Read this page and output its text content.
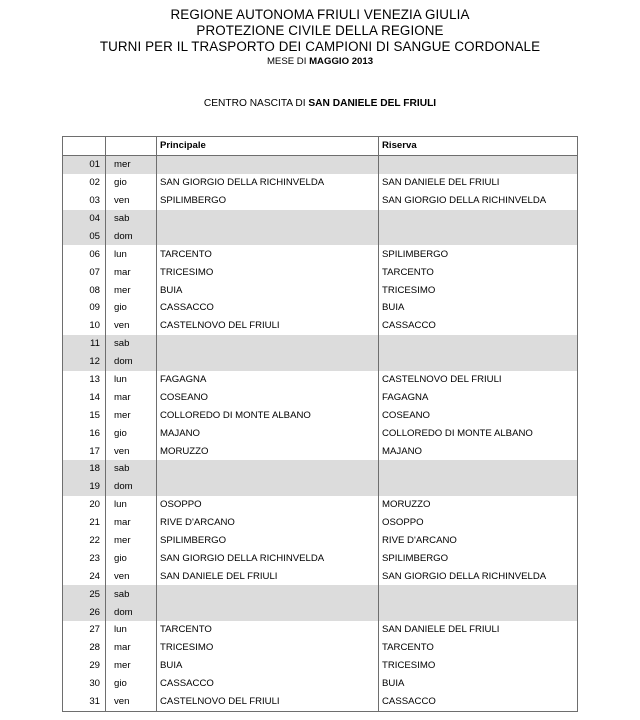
REGIONE AUTONOMA FRIULI VENEZIA GIULIA
PROTEZIONE CIVILE DELLA REGIONE
TURNI PER IL TRASPORTO DEI CAMPIONI DI SANGUE CORDONALE
MESE DI MAGGIO 2013
CENTRO NASCITA DI SAN DANIELE DEL FRIULI
		Principale	Riserva
01	mer		
02	gio	SAN GIORGIO DELLA RICHINVELDA	SAN DANIELE DEL FRIULI
03	ven	SPILIMBERGO	SAN GIORGIO DELLA RICHINVELDA
04	sab		
05	dom		
06	lun	TARCENTO	SPILIMBERGO
07	mar	TRICESIMO	TARCENTO
08	mer	BUIA	TRICESIMO
09	gio	CASSACCO	BUIA
10	ven	CASTELNOVO DEL FRIULI	CASSACCO
11	sab		
12	dom		
13	lun	FAGAGNA	CASTELNOVO DEL FRIULI
14	mar	COSEANO	FAGAGNA
15	mer	COLLOREDO DI MONTE ALBANO	COSEANO
16	gio	MAJANO	COLLOREDO DI MONTE ALBANO
17	ven	MORUZZO	MAJANO
18	sab		
19	dom		
20	lun	OSOPPO	MORUZZO
21	mar	RIVE D'ARCANO	OSOPPO
22	mer	SPILIMBERGO	RIVE D'ARCANO
23	gio	SAN GIORGIO DELLA RICHINVELDA	SPILIMBERGO
24	ven	SAN DANIELE DEL FRIULI	SAN GIORGIO DELLA RICHINVELDA
25	sab		
26	dom		
27	lun	TARCENTO	SAN DANIELE DEL FRIULI
28	mar	TRICESIMO	TARCENTO
29	mer	BUIA	TRICESIMO
30	gio	CASSACCO	BUIA
31	ven	CASTELNOVO DEL FRIULI	CASSACCO
